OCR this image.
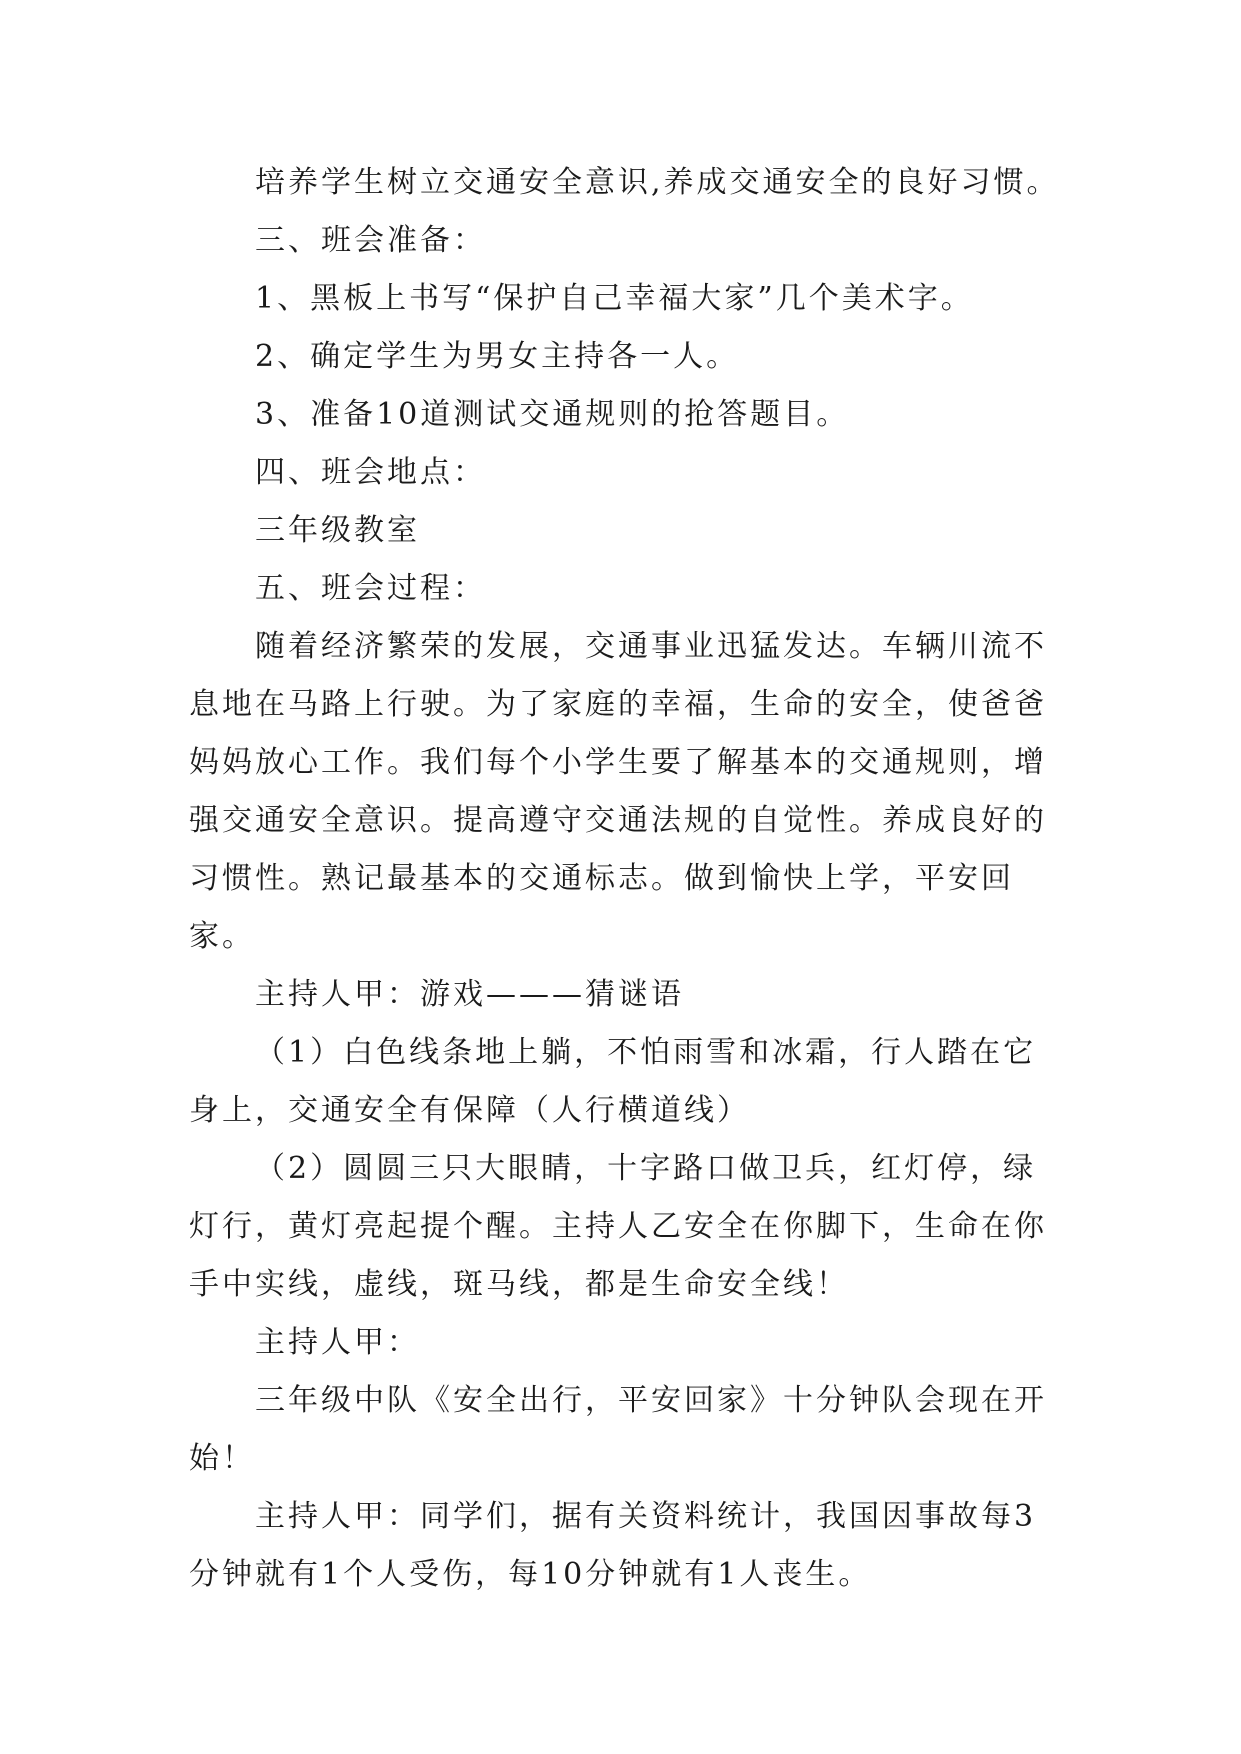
培养学生树立交通安全意识,养成交通安全的良好习惯。

三、班会准备：

1、黑板上书写“保护自己幸福大家”几个美术字。

2、确定学生为男女主持各一人。

3、准备10道测试交通规则的抢答题目。

四、班会地点：

三年级教室

五、班会过程：

随着经济繁荣的发展，交通事业迅猛发达。车辆川流不息地在马路上行驶。为了家庭的幸福，生命的安全，使爸爸妈妈放心工作。我们每个小学生要了解基本的交通规则，增强交通安全意识。提高遵守交通法规的自觉性。养成良好的习惯性。熟记最基本的交通标志。做到愉快上学，平安回家。

主持人甲：游戏———猜谜语

（1）白色线条地上躺，不怕雨雪和冰霜，行人踏在它身上，交通安全有保障（人行横道线）

（2）圆圆三只大眼睛，十字路口做卫兵，红灯停，绿灯行，黄灯亮起提个醒。主持人乙安全在你脚下，生命在你手中实线，虚线，斑马线，都是生命安全线！

主持人甲：

三年级中队《安全出行，平安回家》十分钟队会现在开始！

主持人甲：同学们，据有关资料统计，我国因事故每3分钟就有1个人受伤，每10分钟就有1人丧生。
